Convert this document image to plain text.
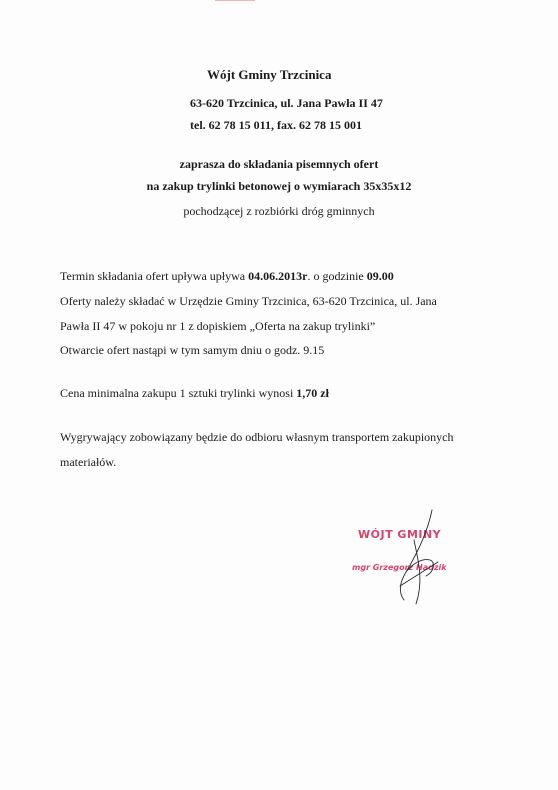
Wójt Gminy Trzcinica
63-620 Trzcinica, ul. Jana Pawła II 47
tel. 62 78 15 011, fax. 62 78 15 001
zaprasza do składania pisemnych ofert
na zakup trylinki betonowej o wymiarach 35x35x12
pochodzącej z rozbiórki dróg gminnych
Termin składania ofert upływa upływa 04.06.2013r. o godzinie 09.00
Oferty należy składać w Urzędzie Gminy Trzcinica, 63-620 Trzcinica, ul. Jana
Pawła II 47 w pokoju nr 1 z dopiskiem „Oferta na zakup trylinki”
Otwarcie ofert nastąpi w tym samym dniu o godz. 9.15
Cena minimalna zakupu 1 sztuki trylinki wynosi 1,70 zł
Wygrywający zobowiązany będzie do odbioru własnym transportem zakupionych
materiałów.
WÓJT GMINY
mgr Grzegorz Hadzik
